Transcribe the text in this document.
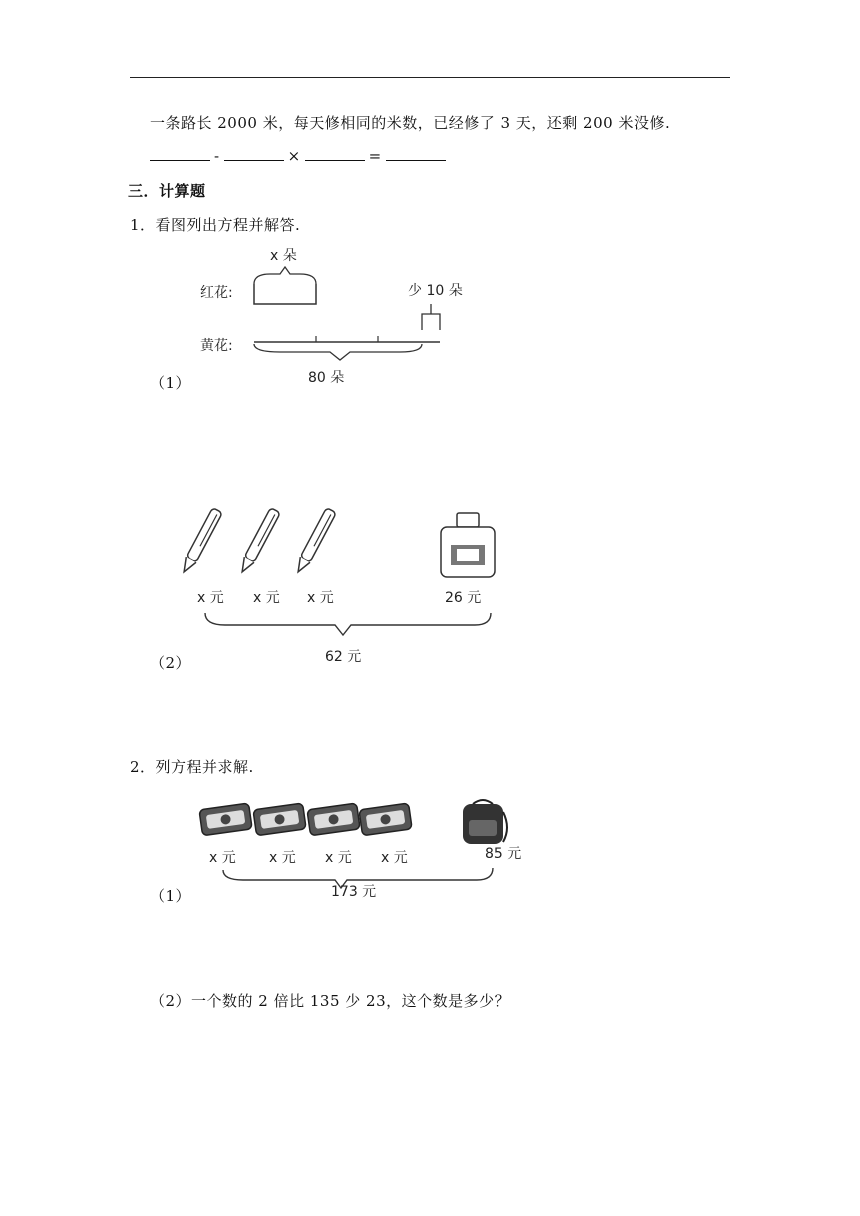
一条路长 2000 米，每天修相同的米数，已经修了 3 天，还剩 200 米没修.
-	×	=
三．计算题
1．看图列出方程并解答.
x 朵
红花:	少 10 朵
黄花:
80 朵
（1）
x 元 x 元 x 元	26 元
62 元
（2）
2．列方程并求解.
x 元 x 元 x 元 x 元	85 元
173 元
（1）
（2）一个数的 2 倍比 135 少 23，这个数是多少？
